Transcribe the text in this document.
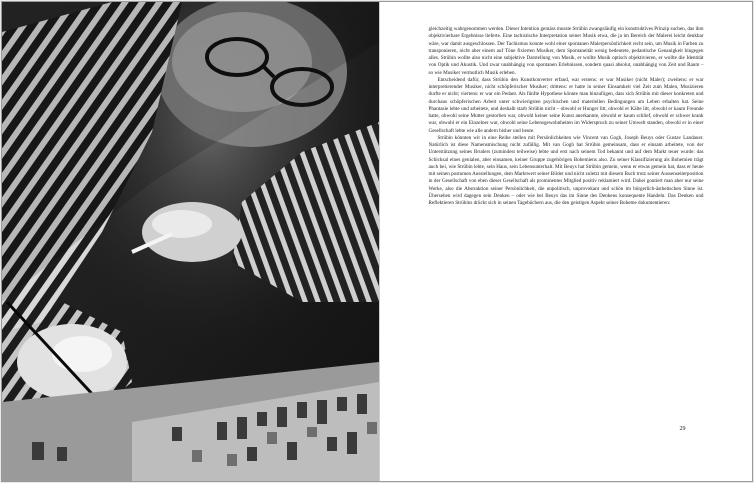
gleichzeitig wahrgenommen werden. Dieser Intention gemäss musste Strübin zwangsläufig ein konstruktives Prinzip suchen, das ihm objektivierbare Ergebnisse lieferte. Eine tachistische Interpretation seiner Musik etwa, die ja im Bereich der Malerei leicht denkbar wäre, war damit ausgeschlossen. Der Tachismus konnte wohl einer spontanen Malerpersönlichkeit recht sein, um Musik in Farben zu transponieren, nicht aber einem auf Töne fixierten Musiker, dem Spontaneität wenig bedeutete, pedantische Genauigkeit hingegen alles. Strübin wollte also nicht eine subjektive Darstellung von Musik, er wollte Musik optisch objektivieren, er wollte die Identität von Optik und Akustik. Und zwar unabhängig von spontanen Erlebnissen, sondern quasi absolut, unabhängig von Zeit und Raum – so wie Musiker vermutlich Musik erleben.

Entscheidend dafür, dass Strübin den Kunstkonverter erfand, war erstens: er war Musiker (nicht Maler); zweitens: er war interpretierender Musiker, nicht schöpferischer Musiker; drittens: er hatte in seiner Einsamkeit viel Zeit zum Malen, Musizieren durfte er nicht; viertens: er war ein Pedant. Als fünfte Hypothese könnte man hinzufügen, dass sich Strübin mit dieser konkreten und durchaus schöpferischen Arbeit unter schwierigsten psychischen und materiellen Bedingungen am Leben erhalten hat. Seine Phantasie lebte und arbeitete, und deshalb starb Strübin nicht – obwohl er Hunger litt, obwohl er Kälte litt, obwohl er kaum Freunde hatte, obwohl seine Mutter gestorben war, obwohl keiner seine Kunst anerkannte, obwohl er kaum schlief, obwohl er schwer krank war, obwohl er ein Einzelner war, obwohl seine Lebensgewohnheiten im Widerspruch zu seiner Umwelt standen, obwohl er in einer Gesellschaft lebte wie alle andern bisher und heute.

Strübin könnten wir in eine Reihe stellen mit Persönlichkeiten wie Vincent van Gogh, Joseph Beuys oder Gustav Landauer. Natürlich ist diese Namensmischung nicht zufällig. Mit van Gogh hat Strübin gemeinsam, dass er einsam arbeitete, von der Unterstützung seines Bruders (zumindest teilweise) lebte und erst nach seinem Tod bekannt und auf dem Markt teuer wurde: das Schicksal eines genialen, aber einsamen, keiner Gruppe zugehörigen Bohemiens also. Zu seiner Klassifizierung als Bohemien trägt auch bei, wie Strübin lebte, sein Haus, sein Lebensunterhalt. Mit Beuys hat Strübin gemein, wenn er etwas gemein hat, dass er heute mit seinen postumen Ausstellungen, dem Marktwert seiner Bilder und nicht zuletzt mit diesem Buch trotz seiner Aussenseiterposition in der Gesellschaft von eben dieser Gesellschaft als prominentes Mitglied positiv reklamiert wird. Dabei goutiert man aber nur seine Werke, also die Abstraktion seiner Persönlichkeit, die unpolitisch, unprovokant und schön im bürgerlich-ästhetischen Sinne ist. Übersehen wird dagegen sein Denken – oder wie bei Beuys das im Sinne des Denkens konsequente Handeln. Das Denken und Reflektieren Strübins drückt sich in seinen Tagebüchern aus, die den geistigen Aspekt seiner Boheme dokumentieren:

29
